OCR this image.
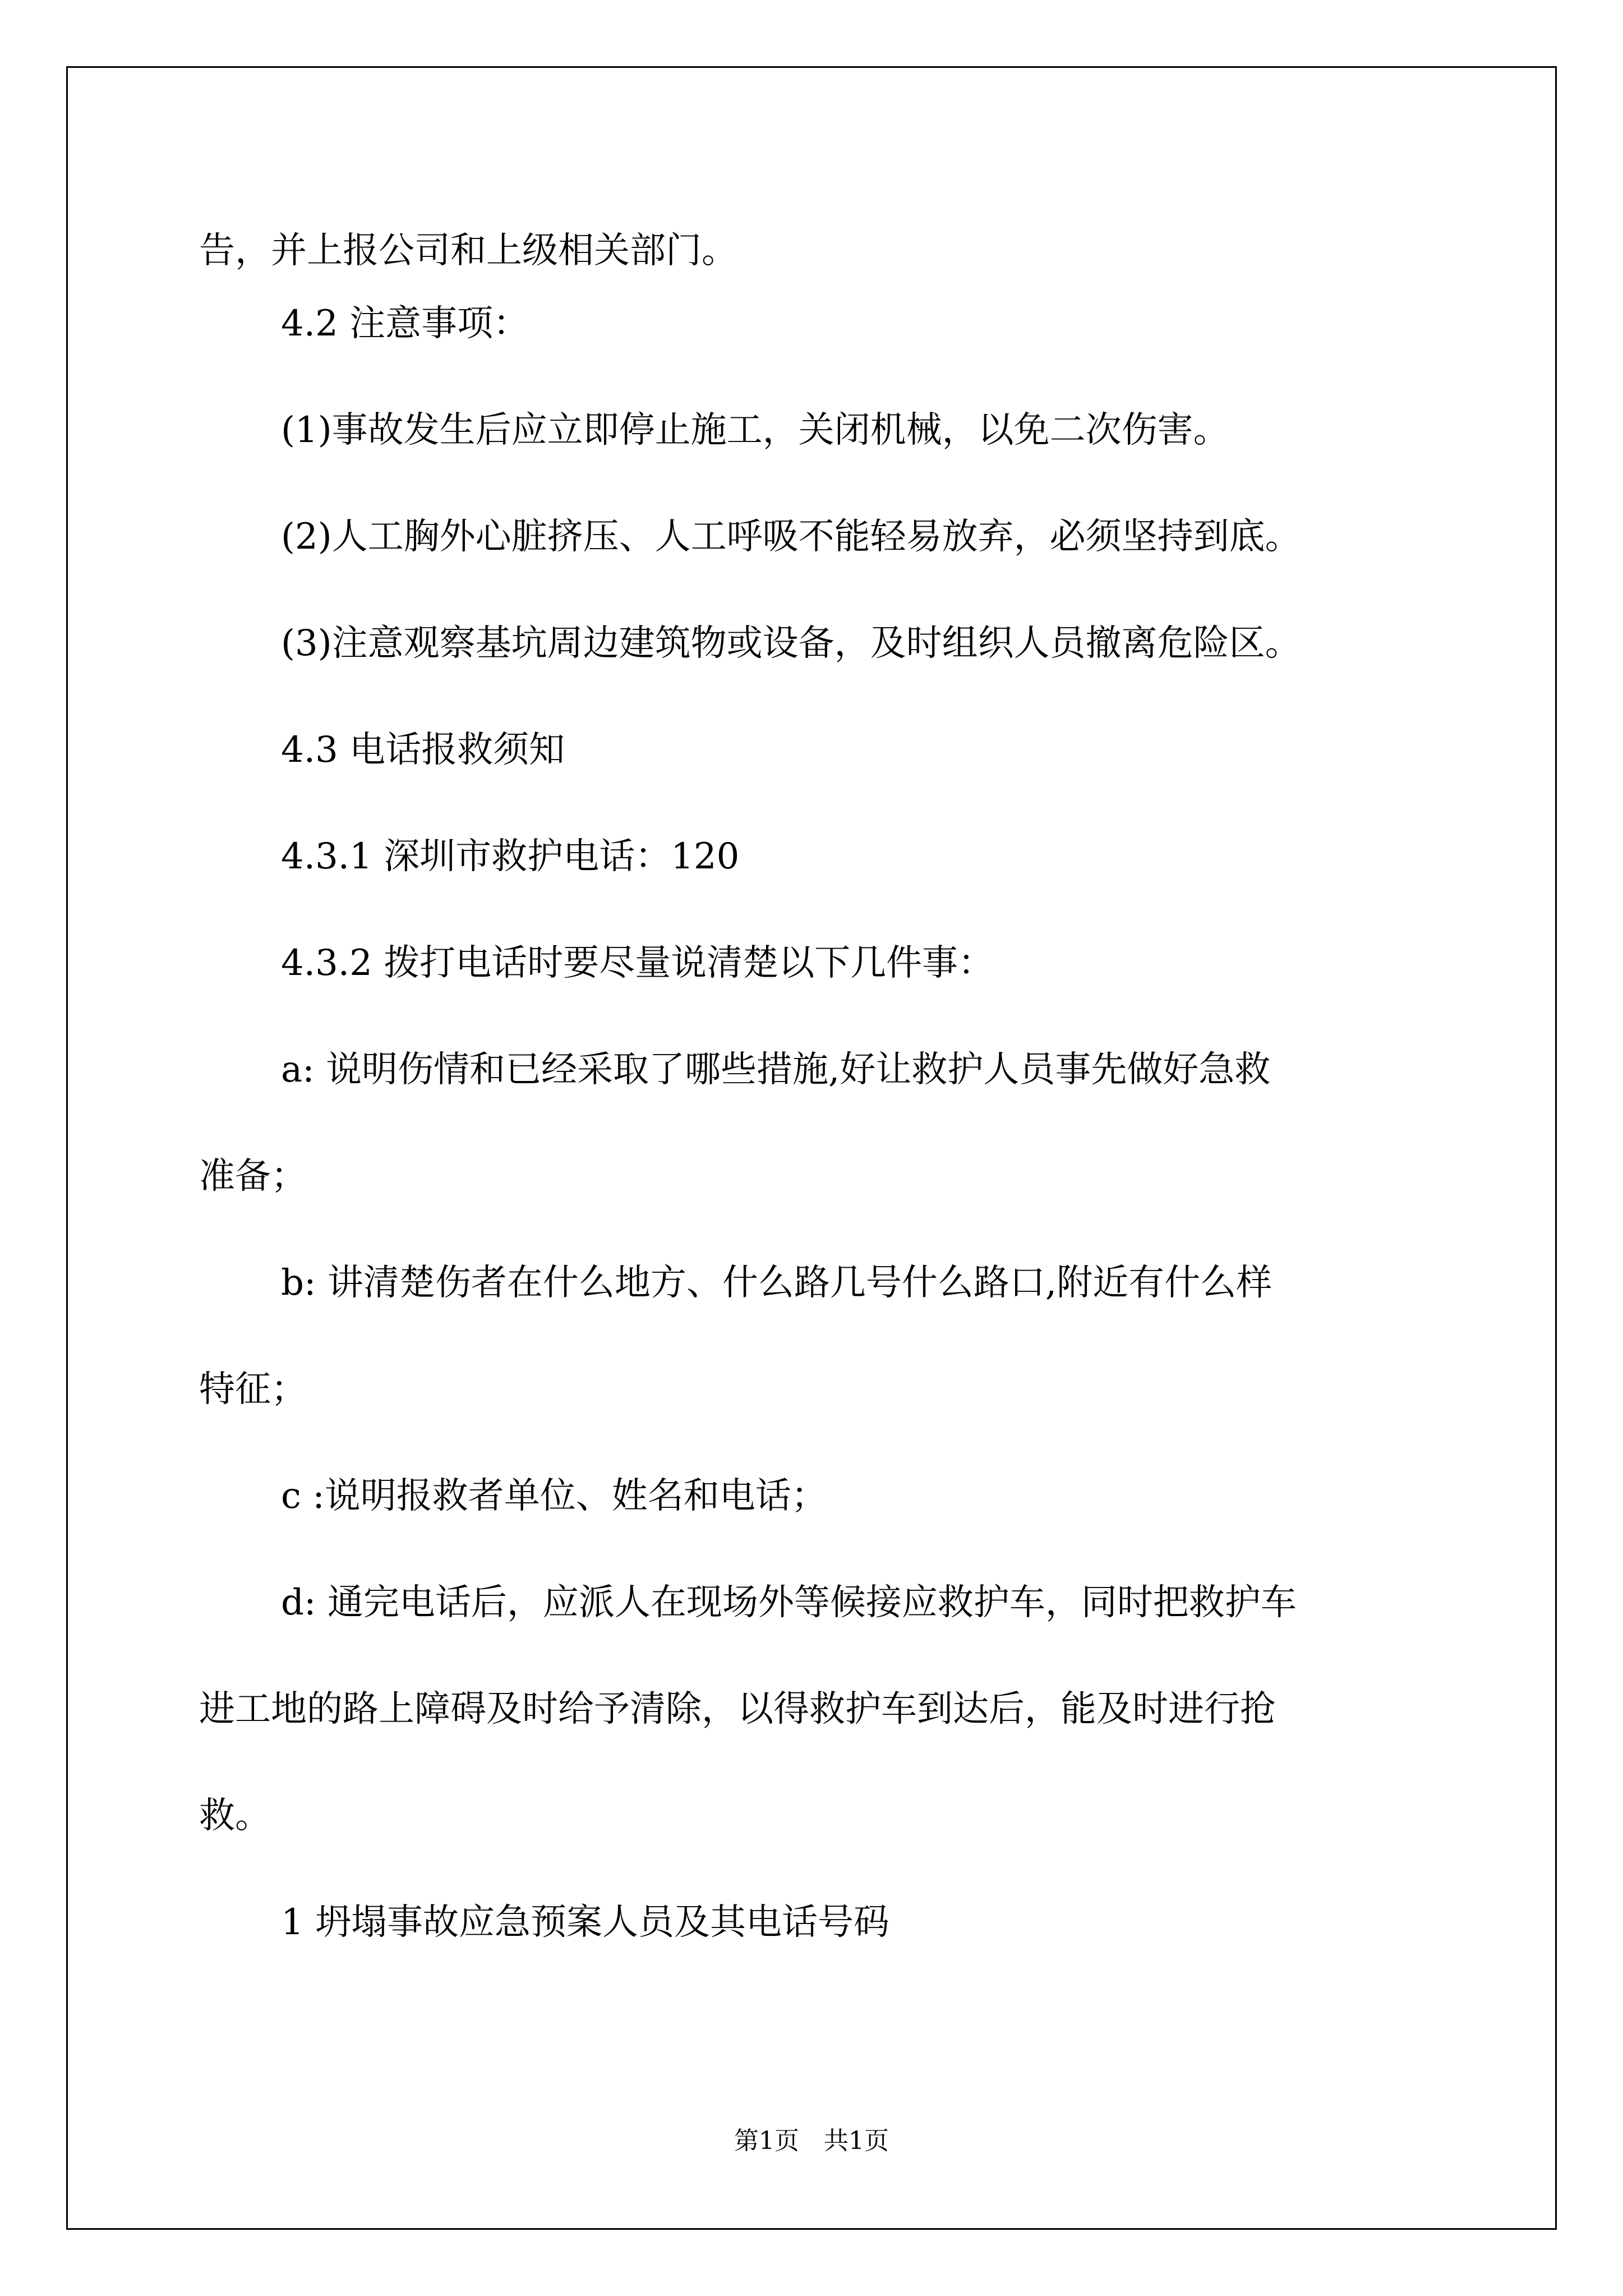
告，并上报公司和上级相关部门。
4.2 注意事项：
(1)事故发生后应立即停止施工，关闭机械，以免二次伤害。
(2)人工胸外心脏挤压、人工呼吸不能轻易放弃，必须坚持到底。
(3)注意观察基坑周边建筑物或设备，及时组织人员撤离危险区。
4.3 电话报救须知
4.3.1 深圳市救护电话：120
4.3.2 拨打电话时要尽量说清楚以下几件事：
a: 说明伤情和已经采取了哪些措施,好让救护人员事先做好急救
准备；
b: 讲清楚伤者在什么地方、什么路几号什么路口,附近有什么样
特征；
c :说明报救者单位、姓名和电话；
d: 通完电话后，应派人在现场外等候接应救护车，同时把救护车
进工地的路上障碍及时给予清除，以得救护车到达后，能及时进行抢
救。
1 坍塌事故应急预案人员及其电话号码
第1页　共1页
